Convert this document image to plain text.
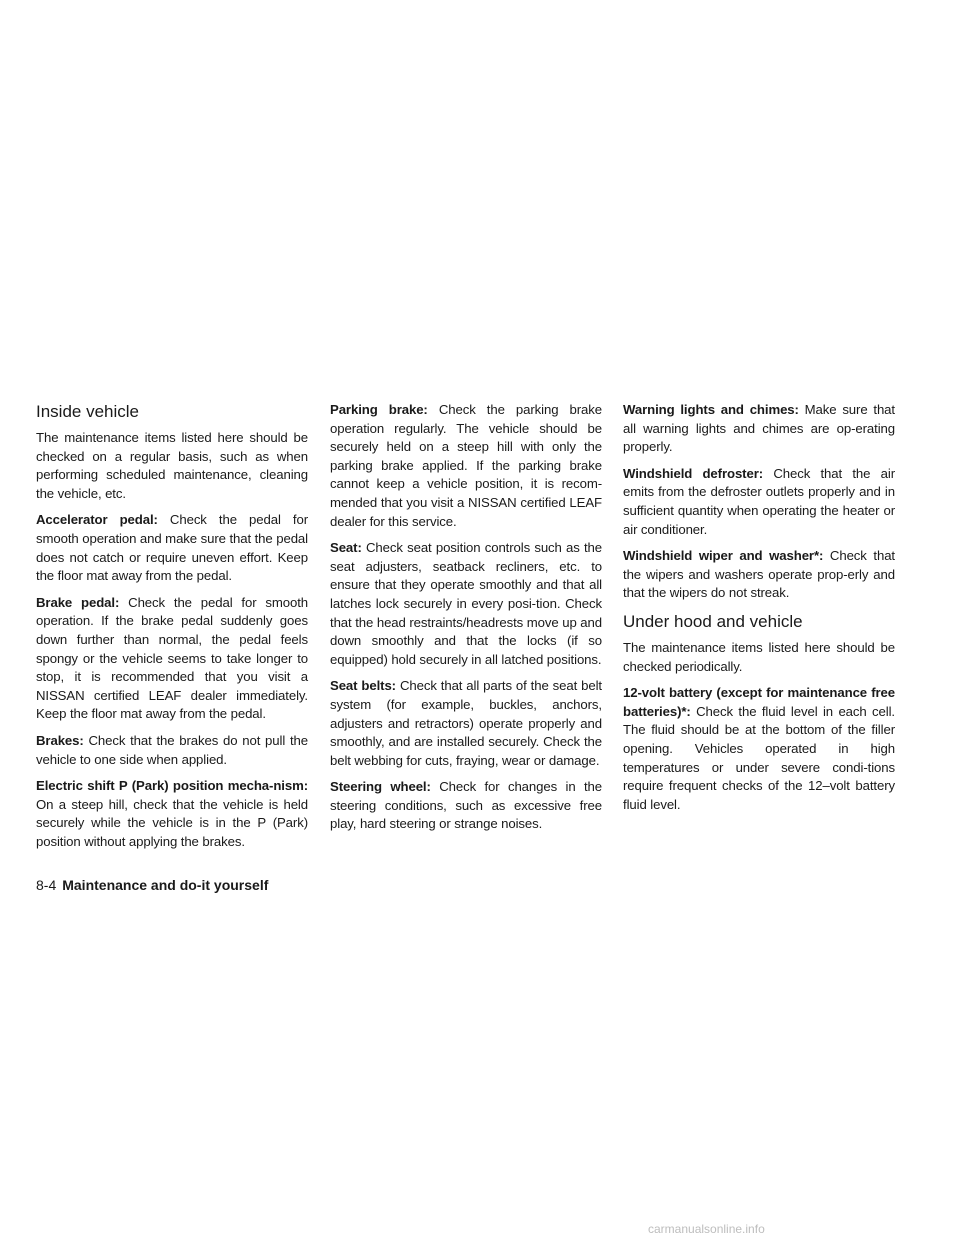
Inside vehicle

The maintenance items listed here should be checked on a regular basis, such as when performing scheduled maintenance, cleaning the vehicle, etc.

Accelerator pedal: Check the pedal for smooth operation and make sure that the pedal does not catch or require uneven effort. Keep the floor mat away from the pedal.

Brake pedal: Check the pedal for smooth operation. If the brake pedal suddenly goes down further than normal, the pedal feels spongy or the vehicle seems to take longer to stop, it is recommended that you visit a NISSAN certified LEAF dealer immediately. Keep the floor mat away from the pedal.

Brakes: Check that the brakes do not pull the vehicle to one side when applied.

Electric shift P (Park) position mecha-nism: On a steep hill, check that the vehicle is held securely while the vehicle is in the P (Park) position without applying the brakes.

Parking brake: Check the parking brake operation regularly. The vehicle should be securely held on a steep hill with only the parking brake applied. If the parking brake cannot keep a vehicle position, it is recom-mended that you visit a NISSAN certified LEAF dealer for this service.

Seat: Check seat position controls such as the seat adjusters, seatback recliners, etc. to ensure that they operate smoothly and that all latches lock securely in every posi-tion. Check that the head restraints/headrests move up and down smoothly and that the locks (if so equipped) hold securely in all latched positions.

Seat belts: Check that all parts of the seat belt system (for example, buckles, anchors, adjusters and retractors) operate properly and smoothly, and are installed securely. Check the belt webbing for cuts, fraying, wear or damage.

Steering wheel: Check for changes in the steering conditions, such as excessive free play, hard steering or strange noises.

Warning lights and chimes: Make sure that all warning lights and chimes are op-erating properly.

Windshield defroster: Check that the air emits from the defroster outlets properly and in sufficient quantity when operating the heater or air conditioner.

Windshield wiper and washer*: Check that the wipers and washers operate prop-erly and that the wipers do not streak.

Under hood and vehicle

The maintenance items listed here should be checked periodically.

12-volt battery (except for maintenance free batteries)*: Check the fluid level in each cell. The fluid should be at the bottom of the filler opening. Vehicles operated in high temperatures or under severe condi-tions require frequent checks of the 12–volt battery fluid level.

8-4 Maintenance and do-it yourself
carmanualsonline.info
